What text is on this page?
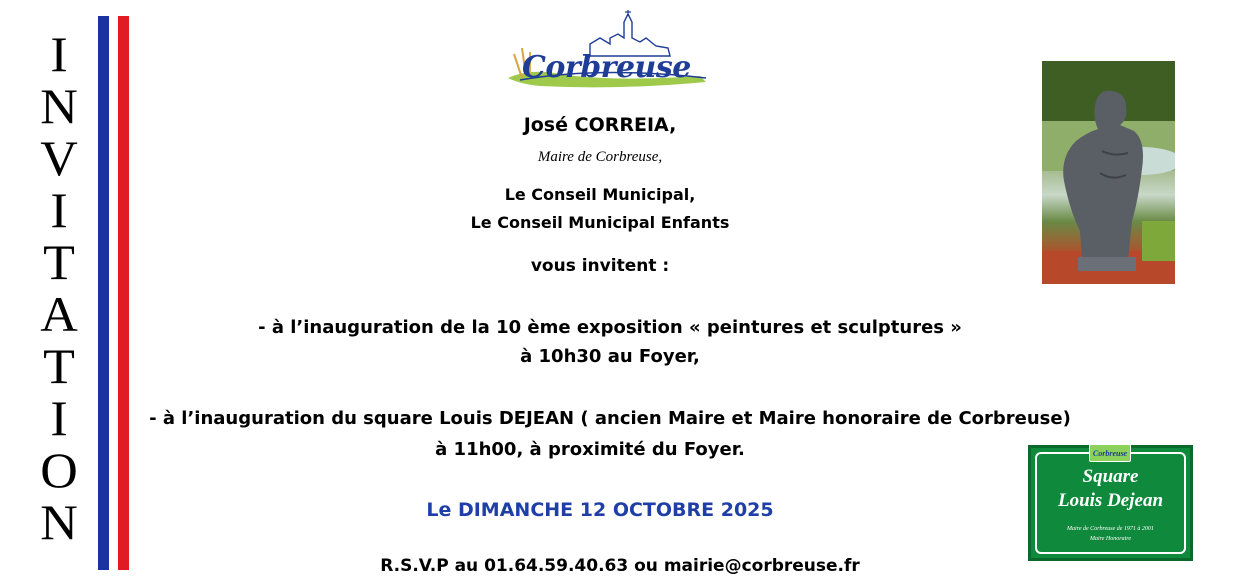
I
N
V
I
T
A
T
I
O
N
Corbreuse
José CORREIA,
Maire de Corbreuse,
Le Conseil Municipal,
Le Conseil Municipal Enfants
vous invitent :
- à l’inauguration de la 10 ème exposition « peintures et sculptures »
à 10h30 au Foyer,
- à l’inauguration du square Louis DEJEAN ( ancien Maire et Maire honoraire de Corbreuse)
à 11h00, à proximité du Foyer.
Le DIMANCHE 12 OCTOBRE 2025
R.S.V.P au 01.64.59.40.63 ou mairie@corbreuse.fr
Corbreuse
Square
Louis Dejean
Maire de Corbreuse de 1971 à 2001
Maire Honoraire
